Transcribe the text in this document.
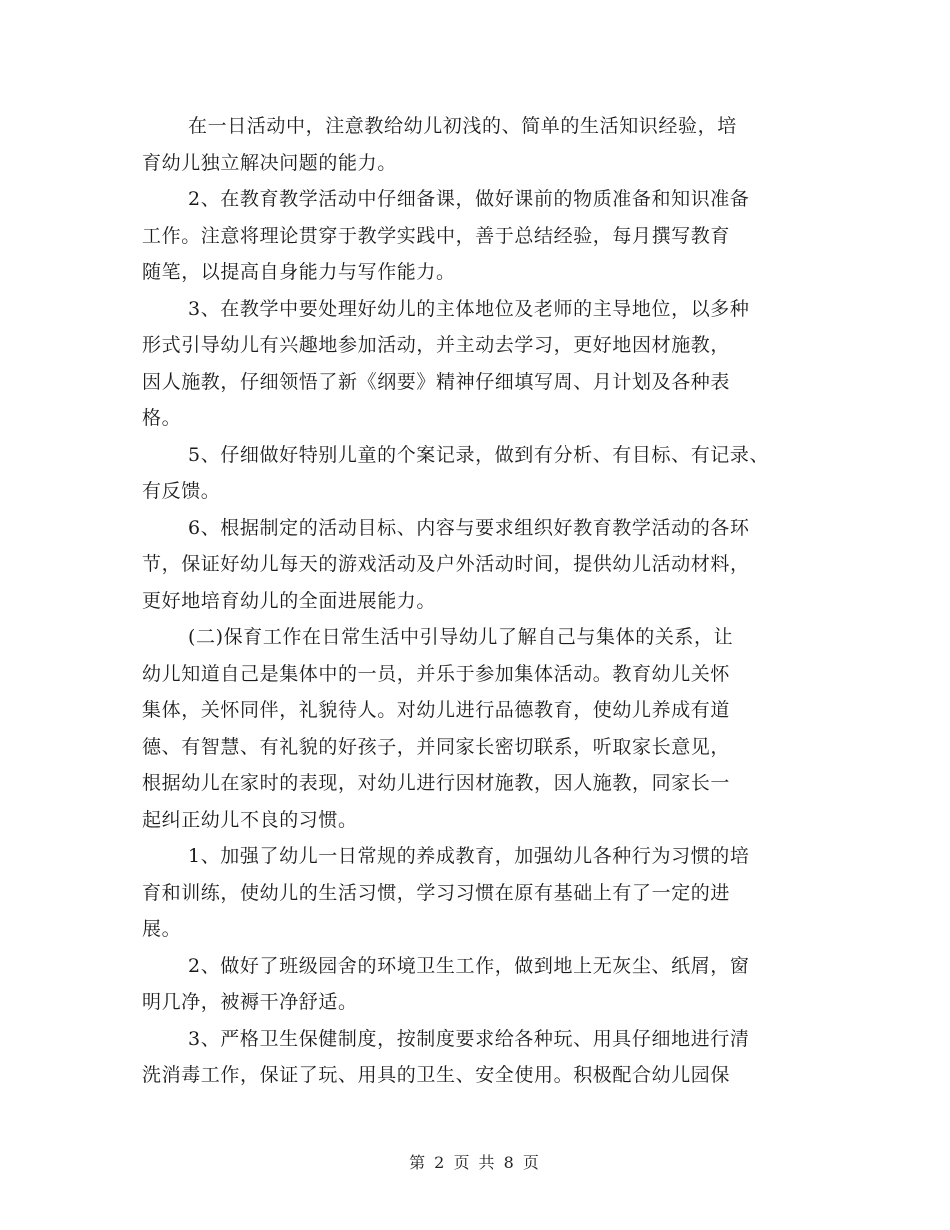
在一日活动中，注意教给幼儿初浅的、简单的生活知识经验，培
育幼儿独立解决问题的能力。
2、在教育教学活动中仔细备课，做好课前的物质准备和知识准备
工作。注意将理论贯穿于教学实践中，善于总结经验，每月撰写教育
随笔，以提高自身能力与写作能力。
3、在教学中要处理好幼儿的主体地位及老师的主导地位，以多种
形式引导幼儿有兴趣地参加活动，并主动去学习，更好地因材施教，
因人施教，仔细领悟了新《纲要》精神仔细填写周、月计划及各种表
格。
5、仔细做好特别儿童的个案记录，做到有分析、有目标、有记录、
有反馈。
6、根据制定的活动目标、内容与要求组织好教育教学活动的各环
节，保证好幼儿每天的游戏活动及户外活动时间，提供幼儿活动材料，
更好地培育幼儿的全面进展能力。
(二)保育工作在日常生活中引导幼儿了解自己与集体的关系，让
幼儿知道自己是集体中的一员，并乐于参加集体活动。教育幼儿关怀
集体，关怀同伴，礼貌待人。对幼儿进行品德教育，使幼儿养成有道
德、有智慧、有礼貌的好孩子，并同家长密切联系，听取家长意见，
根据幼儿在家时的表现，对幼儿进行因材施教，因人施教，同家长一
起纠正幼儿不良的习惯。
1、加强了幼儿一日常规的养成教育，加强幼儿各种行为习惯的培
育和训练，使幼儿的生活习惯，学习习惯在原有基础上有了一定的进
展。
2、做好了班级园舍的环境卫生工作，做到地上无灰尘、纸屑，窗
明几净，被褥干净舒适。
3、严格卫生保健制度，按制度要求给各种玩、用具仔细地进行清
洗消毒工作，保证了玩、用具的卫生、安全使用。积极配合幼儿园保
第 2 页 共 8 页
